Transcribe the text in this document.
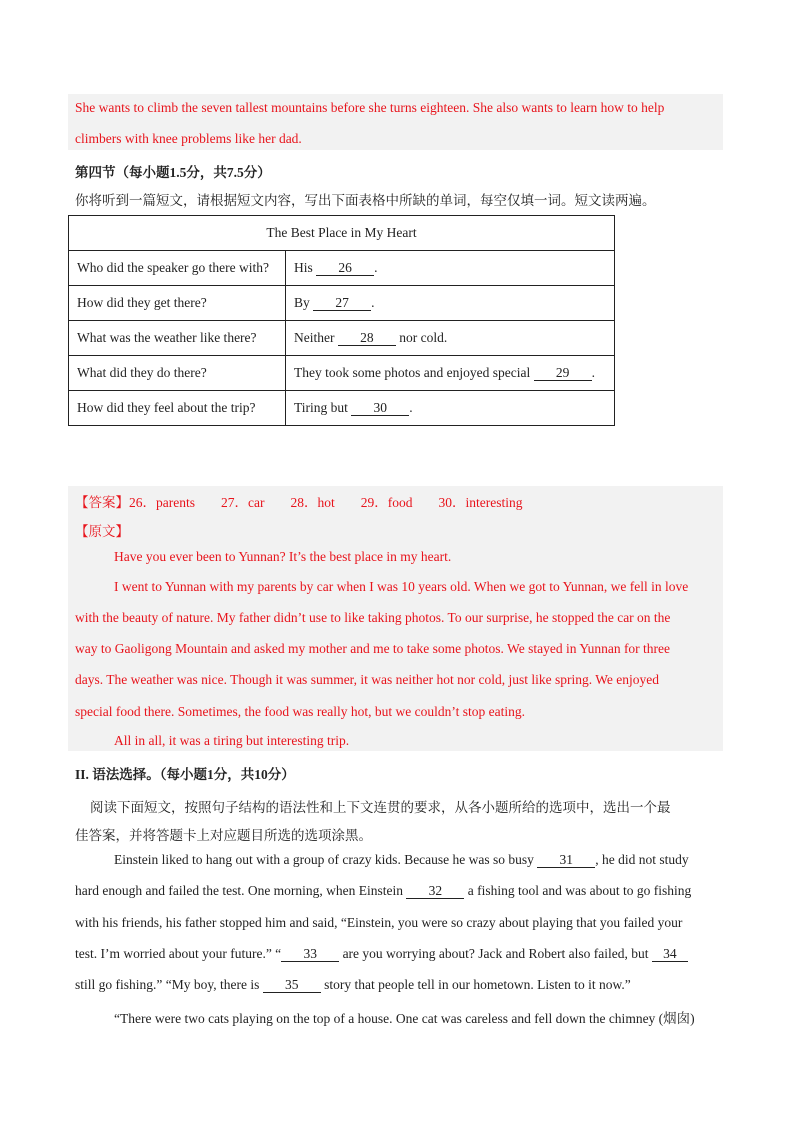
She wants to climb the seven tallest mountains before she turns eighteen. She also wants to learn how to help
climbers with knee problems like her dad.
第四节（每小题1.5分，共7.5分）
你将听到一篇短文，请根据短文内容，写出下面表格中所缺的单词，每空仅填一词。短文读两遍。
The Best Place in My Heart	
Who did the speaker go there with?	His 26 .
How did they get there?	By 27 .
What was the weather like there?	Neither 28 nor cold.
What did they do there?	They took some photos and enjoyed special 29 .
How did they feel about the trip?	Tiring but 30 .
【答案】26．parents 27．car 28．hot 29．food 30．interesting
【原文】
Have you ever been to Yunnan? It’s the best place in my heart.
I went to Yunnan with my parents by car when I was 10 years old. When we got to Yunnan, we fell in love
with the beauty of nature. My father didn’t use to like taking photos. To our surprise, he stopped the car on the
way to Gaoligong Mountain and asked my mother and me to take some photos. We stayed in Yunnan for three
days. The weather was nice. Though it was summer, it was neither hot nor cold, just like spring. We enjoyed
special food there. Sometimes, the food was really hot, but we couldn’t stop eating.
All in all, it was a tiring but interesting trip.
II. 语法选择。（每小题1分，共10分）
阅读下面短文，按照句子结构的语法性和上下文连贯的要求，从各小题所给的选项中，选出一个最
佳答案，并将答题卡上对应题目所选的选项涂黑。
Einstein liked to hang out with a group of crazy kids. Because he was so busy 31 , he did not study
hard enough and failed the test. One morning, when Einstein 32 a fishing tool and was about to go fishing
with his friends, his father stopped him and said, “Einstein, you were so crazy about playing that you failed your
test. I’m worried about your future.” “ 33 are you worrying about? Jack and Robert also failed, but 34
still go fishing.” “My boy, there is 35 story that people tell in our hometown. Listen to it now.”
“There were two cats playing on the top of a house. One cat was careless and fell down the chimney (烟囱)
